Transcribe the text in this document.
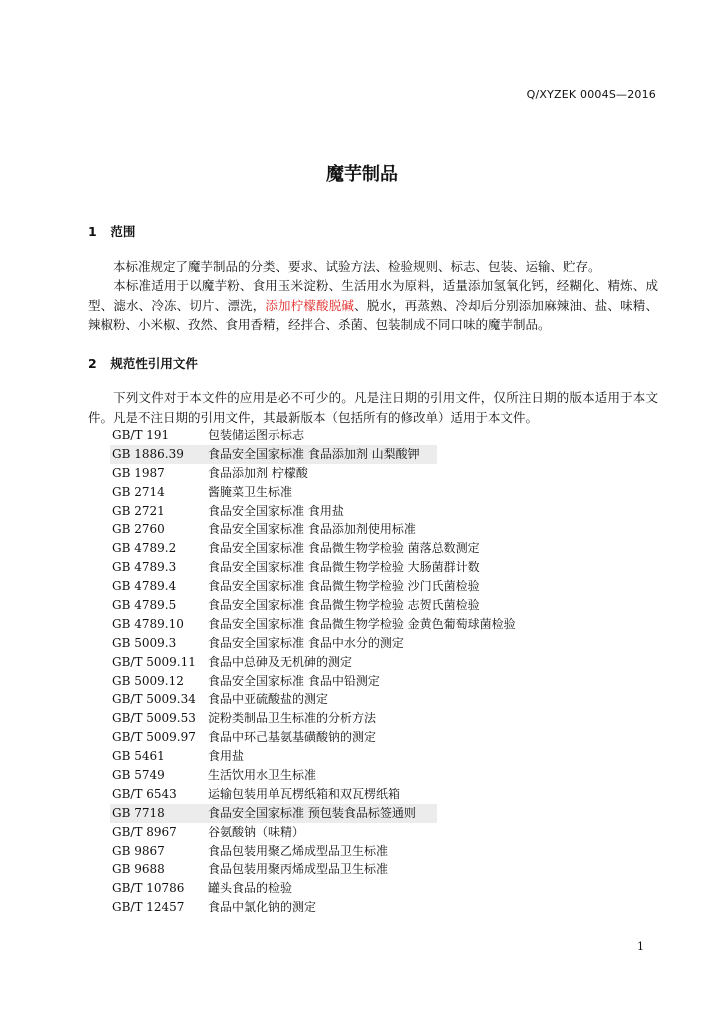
Q/XYZEK 0004S—2016
魔芋制品
1 范围
本标准规定了魔芋制品的分类、要求、试验方法、检验规则、标志、包装、运输、贮存。
本标准适用于以魔芋粉、食用玉米淀粉、生活用水为原料，适量添加氢氧化钙，经糊化、精炼、成型、滤水、冷冻、切片、漂洗，添加柠檬酸脱碱、脱水，再蒸熟、冷却后分别添加麻辣油、盐、味精、辣椒粉、小米椒、孜然、食用香精，经拌合、杀菌、包装制成不同口味的魔芋制品。
2 规范性引用文件
下列文件对于本文件的应用是必不可少的。凡是注日期的引用文件，仅所注日期的版本适用于本文件。凡是不注日期的引用文件，其最新版本（包括所有的修改单）适用于本文件。
GB/T 191	包装储运图示标志
GB 1886.39 食品安全国家标准 食品添加剂 山梨酸钾
GB 1987	食品添加剂 柠檬酸
GB 2714	酱腌菜卫生标准
GB 2721	食品安全国家标准 食用盐
GB 2760	食品安全国家标准 食品添加剂使用标准
GB 4789.2	食品安全国家标准 食品微生物学检验 菌落总数测定
GB 4789.3	食品安全国家标准 食品微生物学检验 大肠菌群计数
GB 4789.4	食品安全国家标准 食品微生物学检验 沙门氏菌检验
GB 4789.5	食品安全国家标准 食品微生物学检验 志贺氏菌检验
GB 4789.10 食品安全国家标准 食品微生物学检验 金黄色葡萄球菌检验
GB 5009.3	食品安全国家标准 食品中水分的测定
GB/T 5009.11 食品中总砷及无机砷的测定
GB 5009.12 食品安全国家标准 食品中铅测定
GB/T 5009.34 食品中亚硫酸盐的测定
GB/T 5009.53 淀粉类制品卫生标准的分析方法
GB/T 5009.97 食品中环己基氨基磺酸钠的测定
GB 5461	食用盐
GB 5749	生活饮用水卫生标准
GB/T 6543	运输包装用单瓦楞纸箱和双瓦楞纸箱
GB 7718	食品安全国家标准 预包装食品标签通则
GB/T 8967	谷氨酸钠（味精）
GB 9867	食品包装用聚乙烯成型品卫生标准
GB 9688	食品包装用聚丙烯成型品卫生标准
GB/T 10786 罐头食品的检验
GB/T 12457 食品中氯化钠的测定
1
